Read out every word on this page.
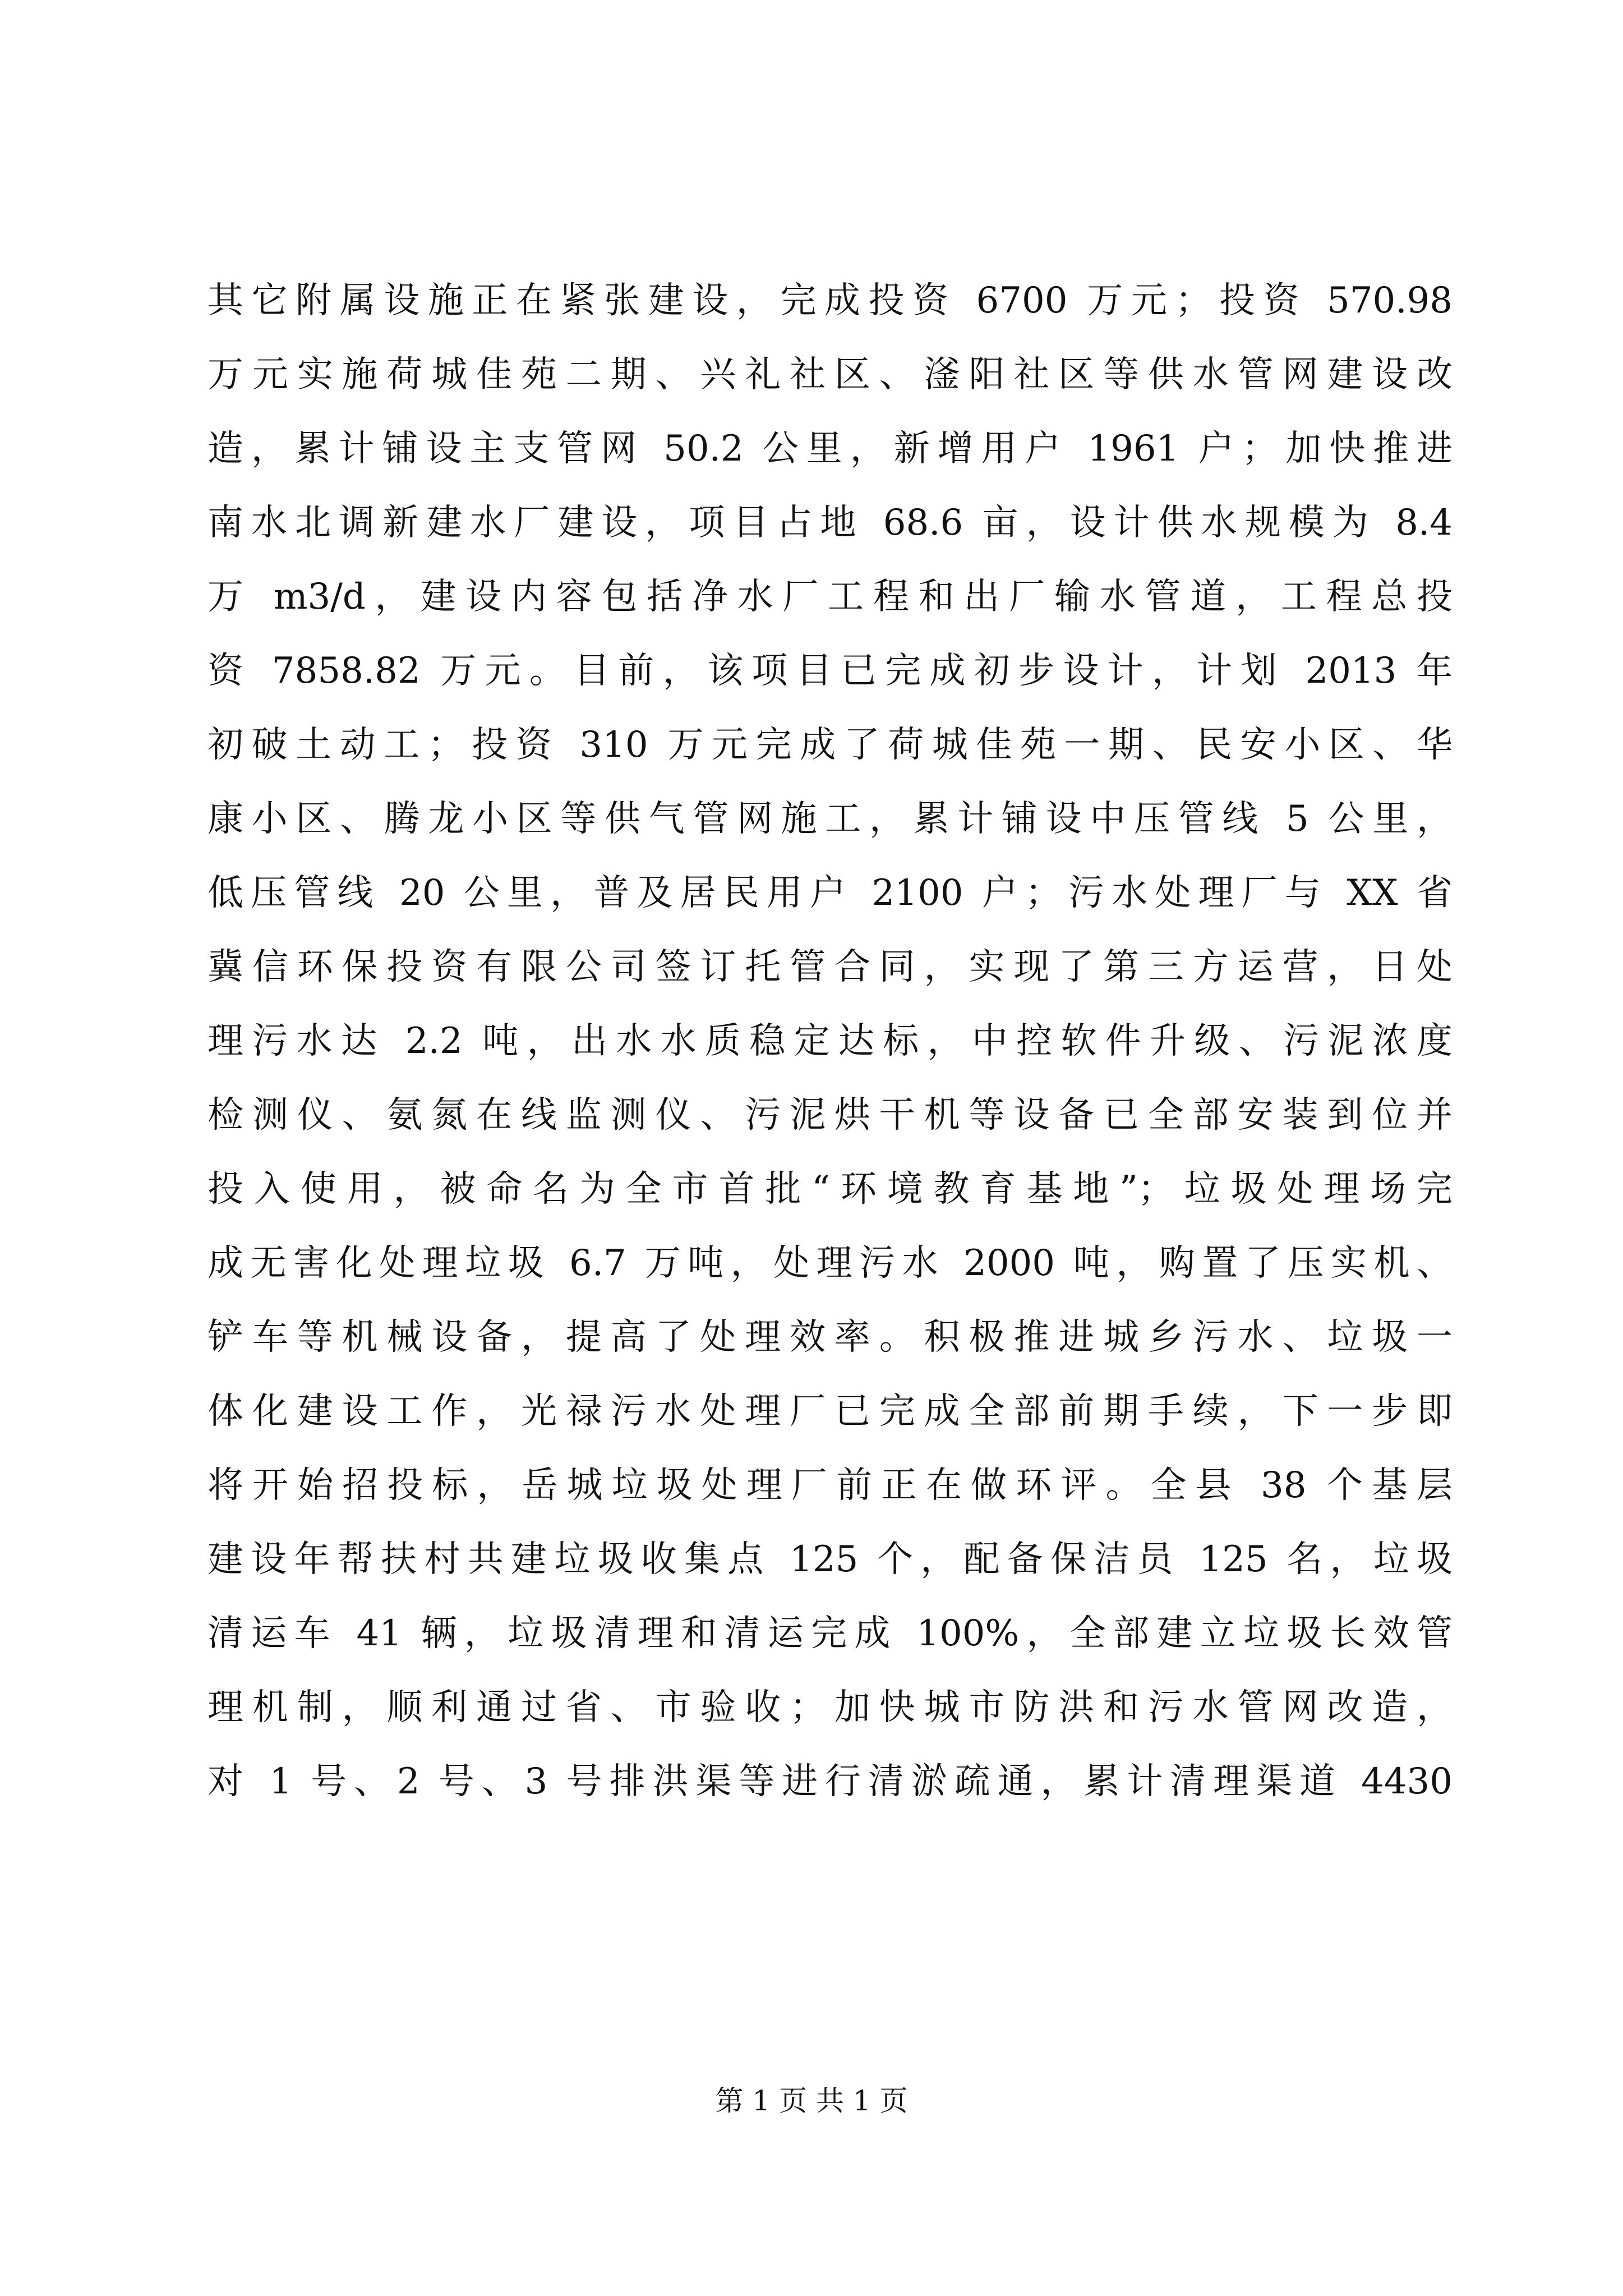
其它附属设施正在紧张建设，完成投资 6700 万元；投资 570.98
万元实施荷城佳苑二期、兴礼社区、滏阳社区等供水管网建设改
造，累计铺设主支管网 50.2 公里，新增用户 1961 户；加快推进
南水北调新建水厂建设，项目占地 68.6 亩，设计供水规模为 8.4
万 m3/d，建设内容包括净水厂工程和出厂输水管道，工程总投
资 7858.82 万元。目前，该项目已完成初步设计，计划 2013 年
初破土动工；投资 310 万元完成了荷城佳苑一期、民安小区、华
康小区、腾龙小区等供气管网施工，累计铺设中压管线 5 公里，
低压管线 20 公里，普及居民用户 2100 户；污水处理厂与 XX 省
冀信环保投资有限公司签订托管合同，实现了第三方运营，日处
理污水达 2.2 吨，出水水质稳定达标，中控软件升级、污泥浓度
检测仪、氨氮在线监测仪、污泥烘干机等设备已全部安装到位并
投入使用，被命名为全市首批“环境教育基地”；垃圾处理场完
成无害化处理垃圾 6.7 万吨，处理污水 2000 吨，购置了压实机、
铲车等机械设备，提高了处理效率。积极推进城乡污水、垃圾一
体化建设工作，光禄污水处理厂已完成全部前期手续，下一步即
将开始招投标，岳城垃圾处理厂前正在做环评。全县 38 个基层
建设年帮扶村共建垃圾收集点 125 个，配备保洁员 125 名，垃圾
清运车 41 辆，垃圾清理和清运完成 100%，全部建立垃圾长效管
理机制，顺利通过省、市验收；加快城市防洪和污水管网改造，
对 1 号、2 号、3 号排洪渠等进行清淤疏通，累计清理渠道 4430
第 1 页 共 1 页
